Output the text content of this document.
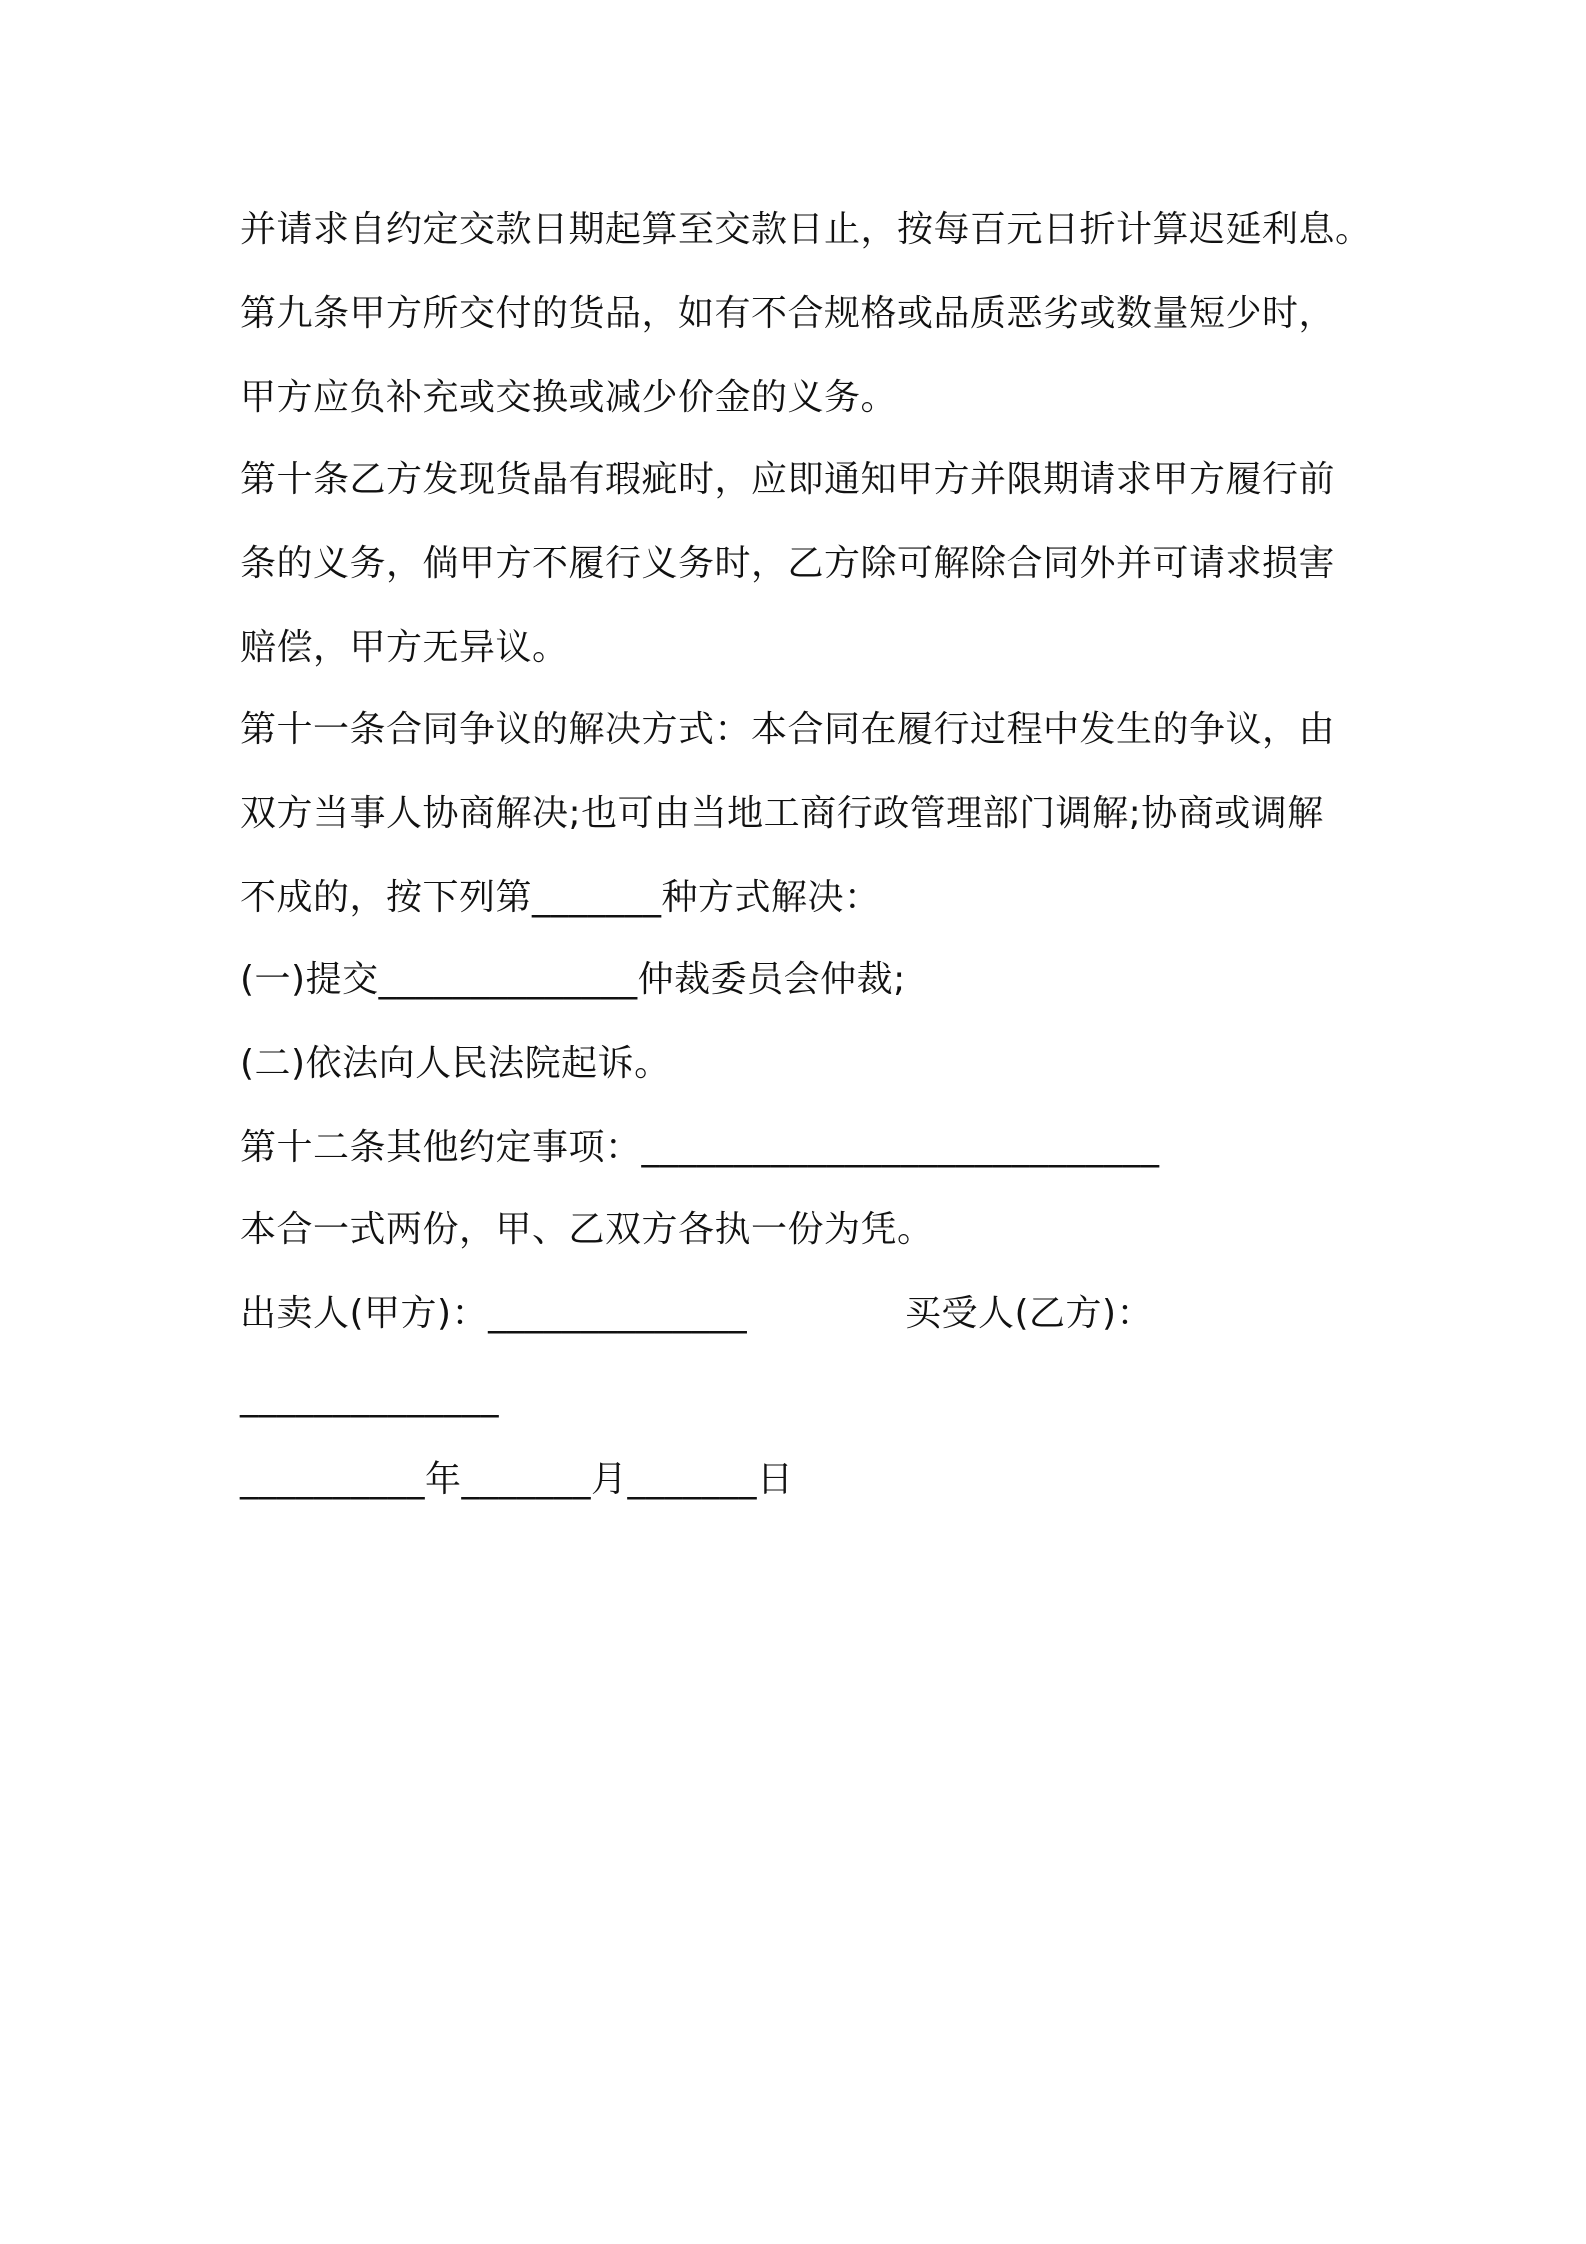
并请求自约定交款日期起算至交款日止，按每百元日折计算迟延利息。
第九条甲方所交付的货品，如有不合规格或品质恶劣或数量短少时，
甲方应负补充或交换或减少价金的义务。
第十条乙方发现货晶有瑕疵时，应即通知甲方并限期请求甲方履行前
条的义务，倘甲方不履行义务时，乙方除可解除合同外并可请求损害
赔偿，甲方无异议。
第十一条合同争议的解决方式：本合同在履行过程中发生的争议，由
双方当事人协商解决;也可由当地工商行政管理部门调解;协商或调解
不成的，按下列第_______种方式解决：
(一)提交______________仲裁委员会仲裁;
(二)依法向人民法院起诉。
第十二条其他约定事项：____________________________
本合一式两份，甲、乙双方各执一份为凭。
出卖人(甲方)：______________	买受人(乙方)：
______________
__________年_______月_______日
